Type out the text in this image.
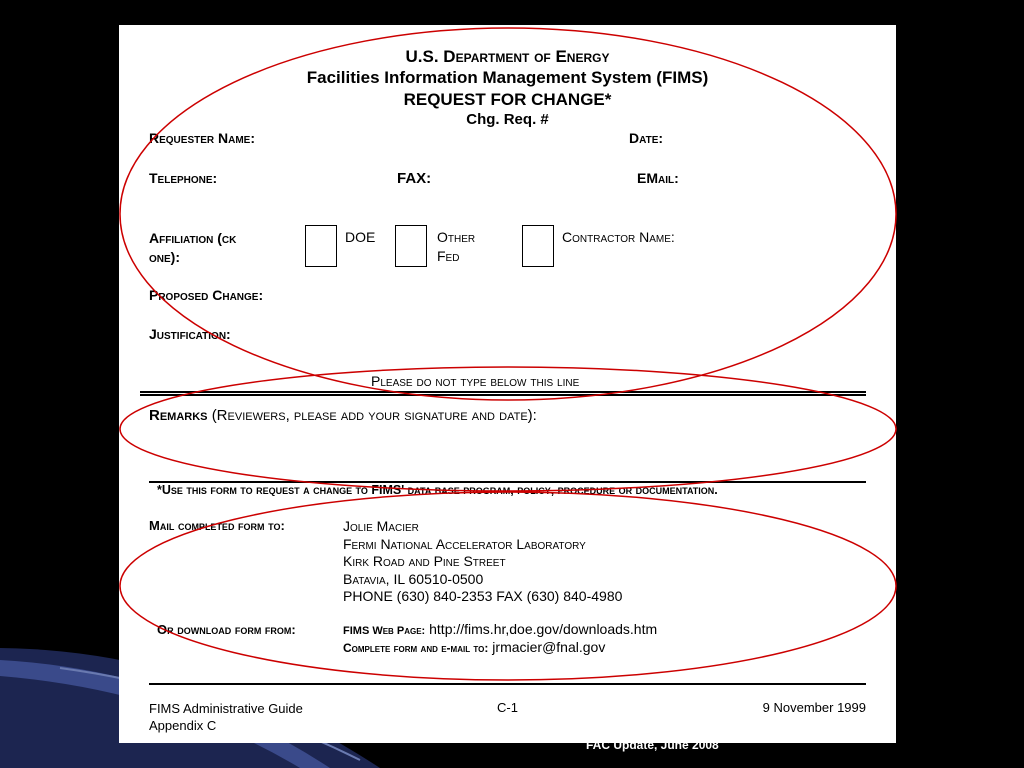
U.S. Department of Energy
Facilities Information Management System (FIMS)
REQUEST FOR CHANGE*
Chg. Req. #
Requester Name:	Date:
Telephone:	FAX:	EMail:
Affiliation (ck
one):
DOE	Other
Fed
Contractor Name:
Proposed Change:
Justification:
Please do not type below this line
Remarks (Reviewers, please add your signature and date):
*Use this form to request a change to FIMS' data base program, policy, procedure or documentation.
Mail completed form to:	Jolie Macier
Fermi National Accelerator Laboratory
Kirk Road and Pine Street
Batavia, IL 60510-0500
PHONE (630) 840-2353 FAX (630) 840-4980
Or download form from:	FIMS Web Page: http://fims.hr,doe.gov/downloads.htm
Complete form and e-mail to: jrmacier@fnal.gov
FIMS Administrative Guide
Appendix C
C-1	9 November 1999
FAC Update, June 2008
